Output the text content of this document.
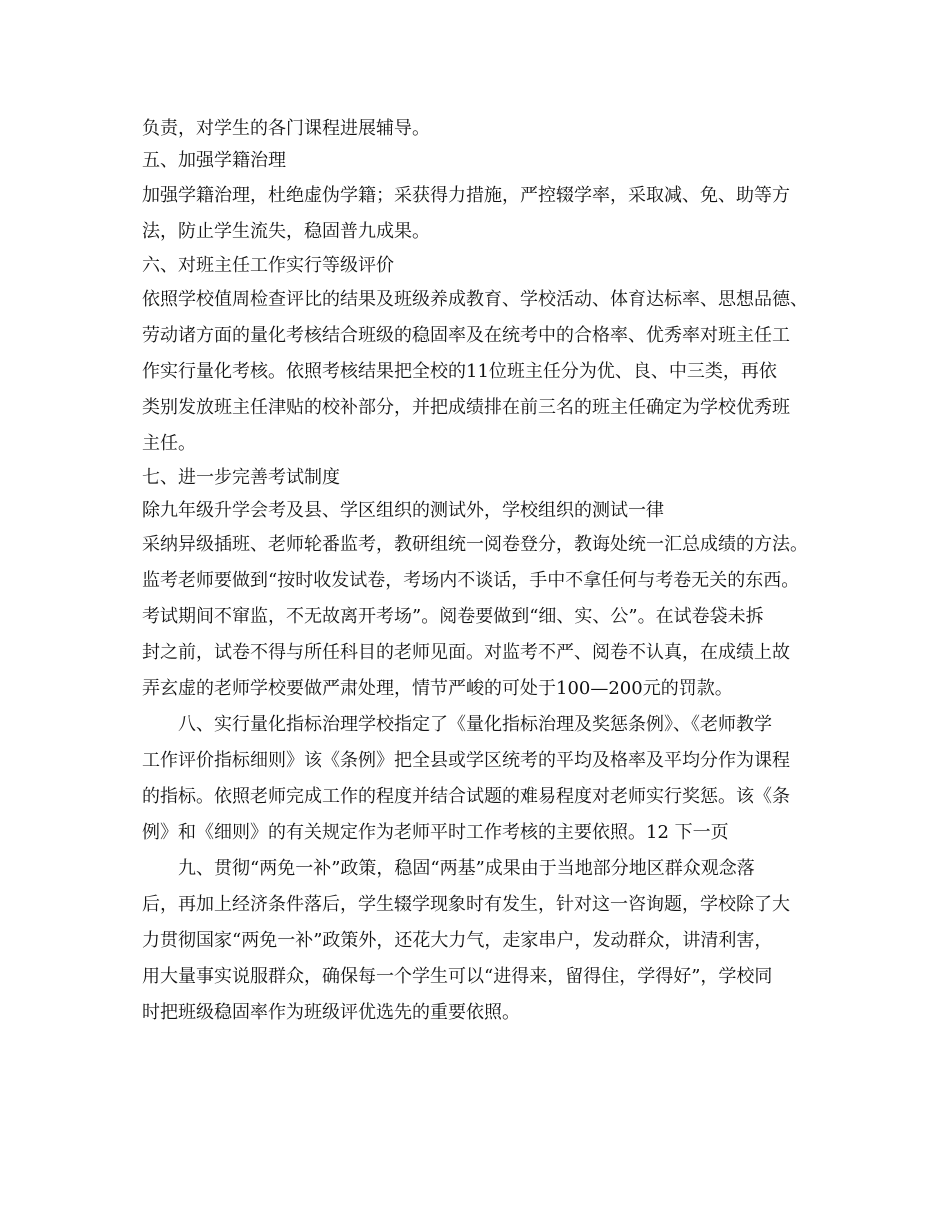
负责，对学生的各门课程进展辅导。
五、加强学籍治理
加强学籍治理，杜绝虚伪学籍；采获得力措施，严控辍学率，采取减、免、助等方
法，防止学生流失，稳固普九成果。
六、对班主任工作实行等级评价
依照学校值周检查评比的结果及班级养成教育、学校活动、体育达标率、思想品德、
劳动诸方面的量化考核结合班级的稳固率及在统考中的合格率、优秀率对班主任工
作实行量化考核。依照考核结果把全校的11位班主任分为优、良、中三类，再依
类别发放班主任津贴的校补部分，并把成绩排在前三名的班主任确定为学校优秀班
主任。
七、进一步完善考试制度
除九年级升学会考及县、学区组织的测试外，学校组织的测试一律
采纳异级插班、老师轮番监考，教研组统一阅卷登分，教诲处统一汇总成绩的方法。
监考老师要做到“按时收发试卷，考场内不谈话，手中不拿任何与考卷无关的东西。
考试期间不窜监，不无故离开考场”。阅卷要做到“细、实、公”。在试卷袋未拆
封之前，试卷不得与所任科目的老师见面。对监考不严、阅卷不认真，在成绩上故
弄玄虚的老师学校要做严肃处理，情节严峻的可处于100—200元的罚款。
八、实行量化指标治理学校指定了《量化指标治理及奖惩条例》、《老师教学
工作评价指标细则》该《条例》把全县或学区统考的平均及格率及平均分作为课程
的指标。依照老师完成工作的程度并结合试题的难易程度对老师实行奖惩。该《条
例》和《细则》的有关规定作为老师平时工作考核的主要依照。12 下一页
九、贯彻“两免一补”政策，稳固“两基”成果由于当地部分地区群众观念落
后，再加上经济条件落后，学生辍学现象时有发生，针对这一咨询题，学校除了大
力贯彻国家“两免一补”政策外，还花大力气，走家串户，发动群众，讲清利害，
用大量事实说服群众，确保每一个学生可以“进得来，留得住，学得好”，学校同
时把班级稳固率作为班级评优选先的重要依照。
